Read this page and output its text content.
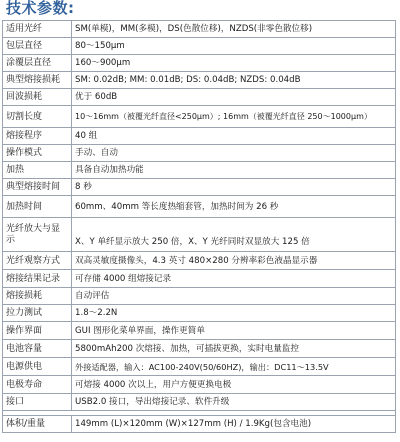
技术参数:
适用光纤	SM(单模)，MM(多模)，DS(色散位移)，NZDS(非零色散位移)
包层直径	80～150μm
涂覆层直径	160～900μm
典型熔接损耗	SM: 0.02dB; MM: 0.01dB; DS: 0.04dB; NZDS: 0.04dB
回波损耗	优于 60dB
切割长度	10～16mm（被覆光纤直径<250μm）; 16mm（被覆光纤直径 250～1000μm）
熔接程序	40 组
操作模式	手动、自动
加热	具备自动加热功能
典型熔接时间	8 秒
加热时间	60mm、40mm 等长度热缩套管，加热时间为 26 秒
光纤放大与显示	X、Y 单纤显示放大 250 倍，X、Y 光纤同时双显放大 125 倍
光纤观察方式	双高灵敏度摄像头，4.3 英寸 480×280 分辨率彩色液晶显示器
熔接结果记录	可存储 4000 组熔接记录
熔接损耗	自动评估
拉力测试	1.8～2.2N
操作界面	GUI 图形化菜单界面，操作更简单
电池容量	5800mAh200 次熔接、加热，可插拔更换，实时电量监控
电源供电	外接适配器，输入：AC100-240V(50/60HZ)，输出：DC11～13.5V
电极寿命	可熔接 4000 次以上，用户方便更换电极
接口	USB2.0 接口，导出熔接记录、软件升级

体积/重量	149mm (L)×120mm (W)×127mm (H) / 1.9Kg(包含电池)
